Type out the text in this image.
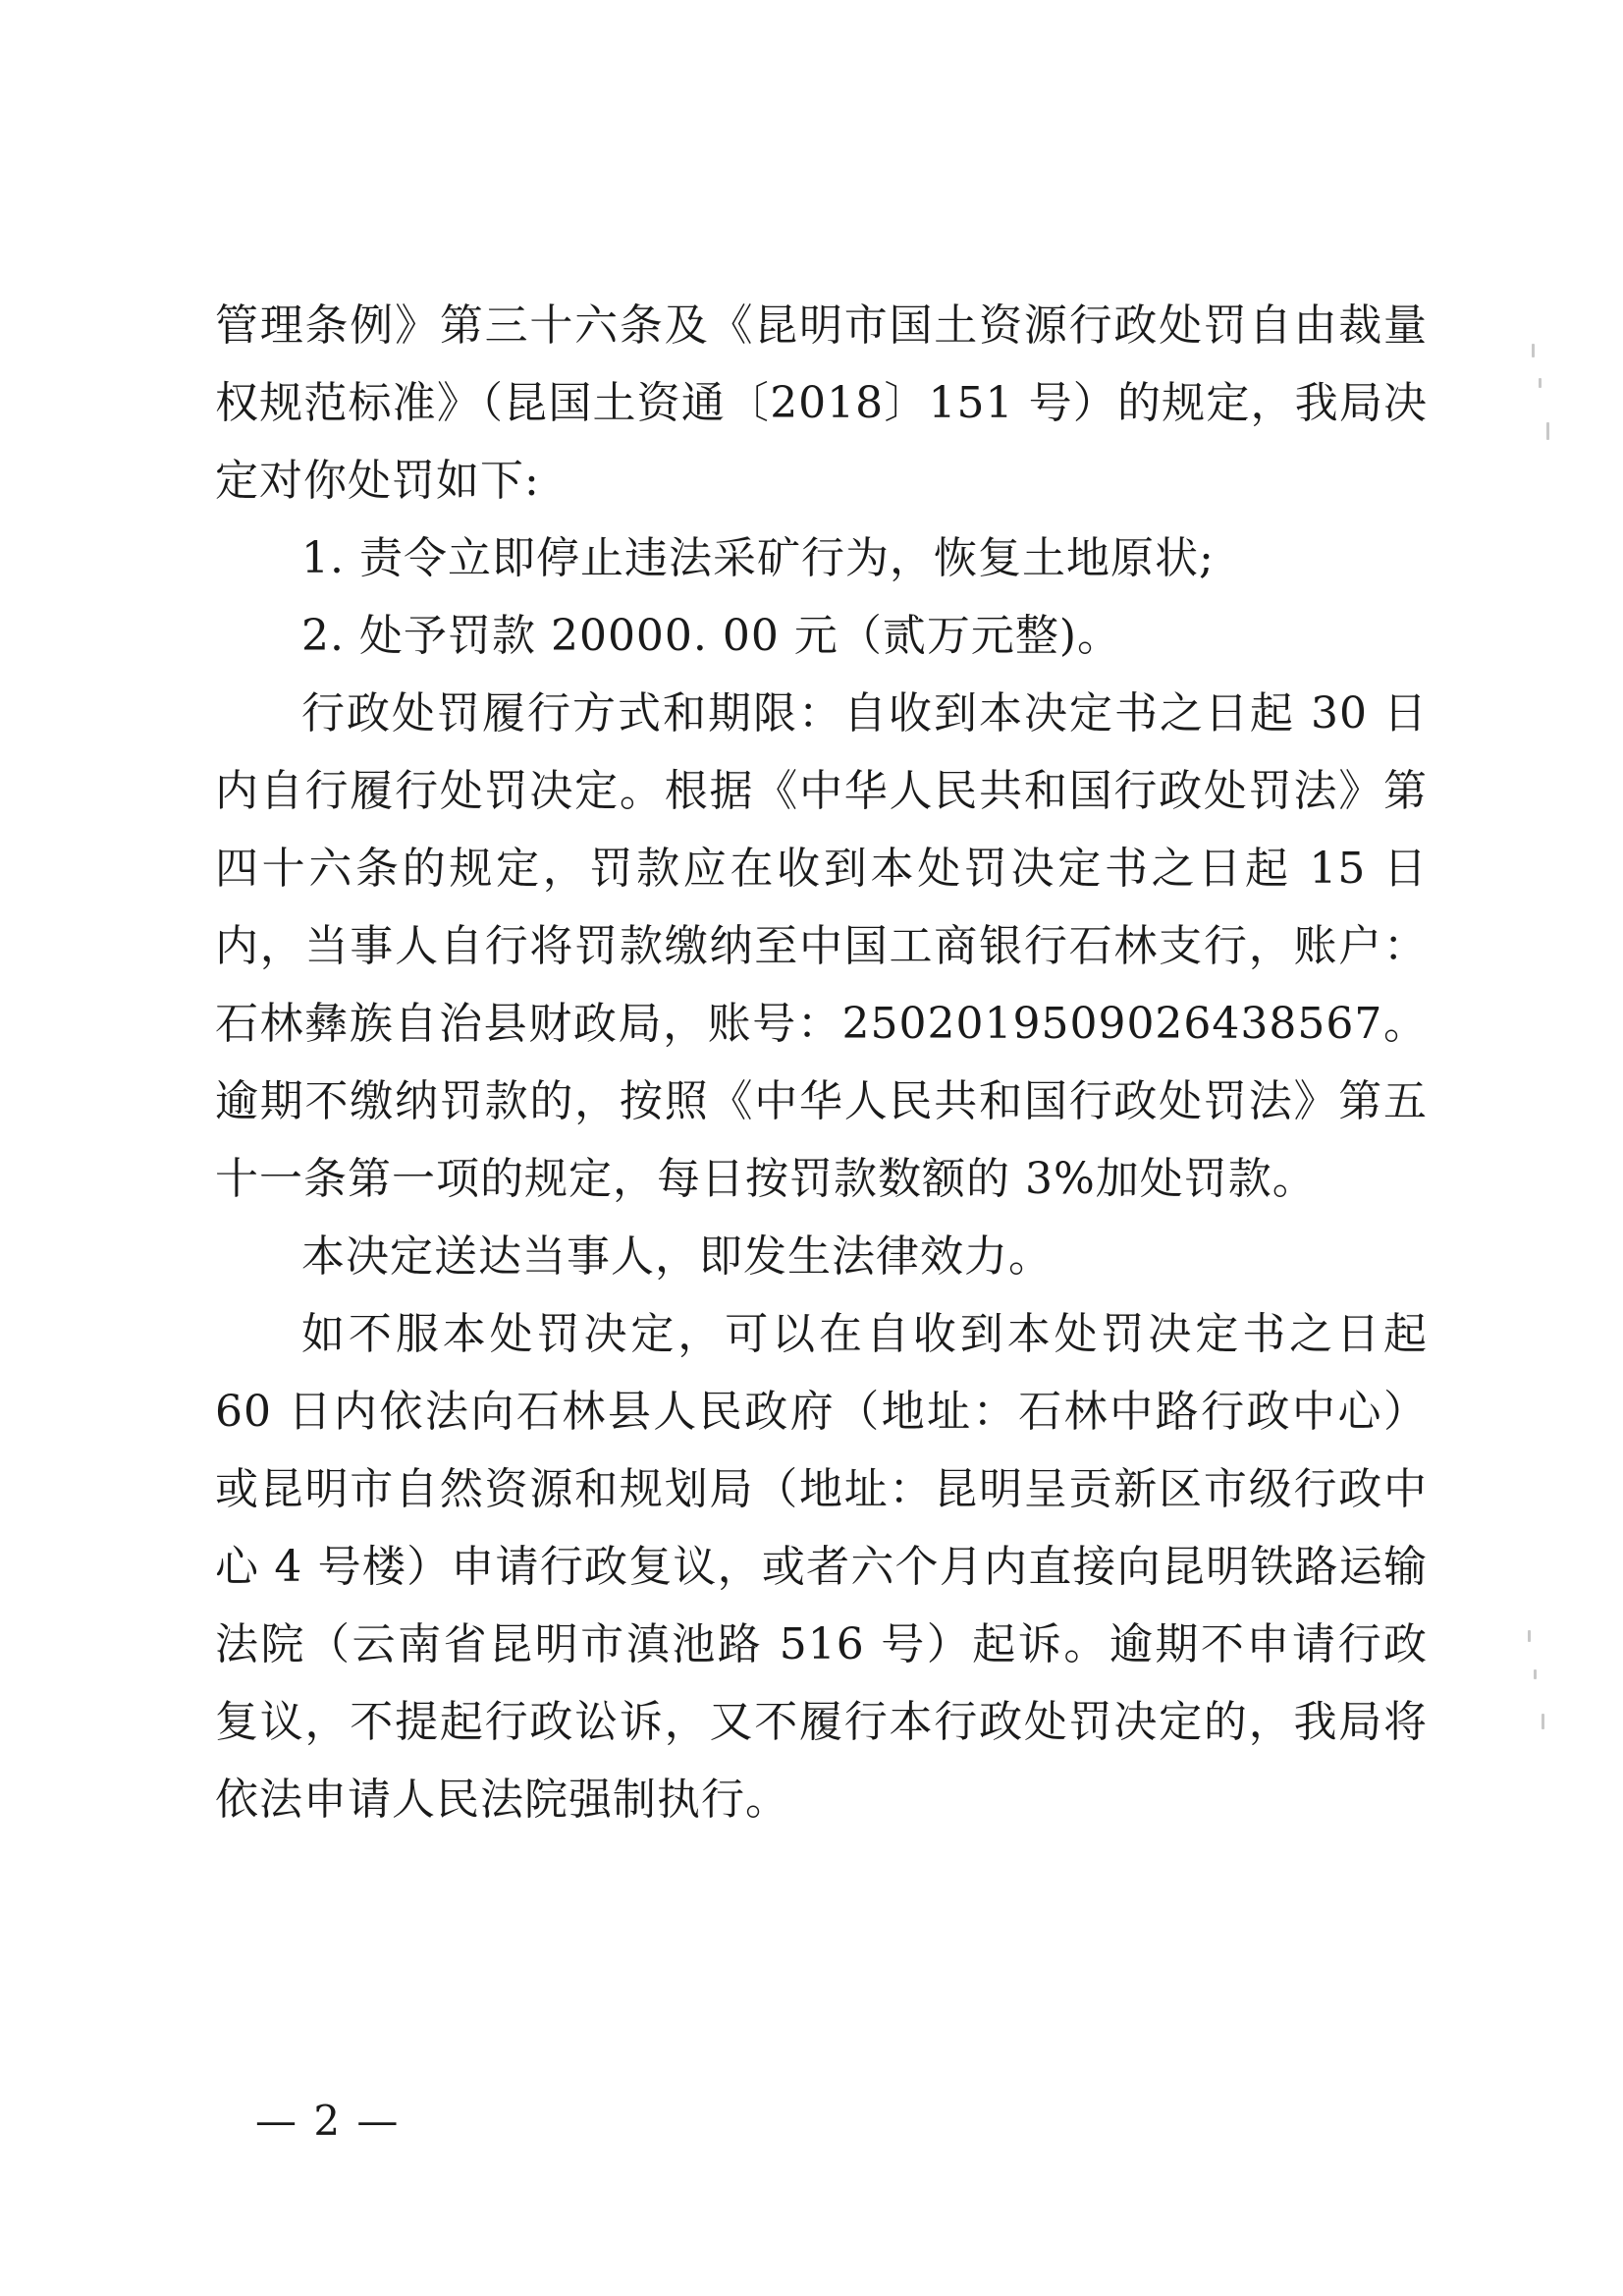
管理条例》第三十六条及《昆明市国土资源行政处罚自由裁量权规范标准》（昆国土资通〔2018〕151 号）的规定，我局决定对你处罚如下:

1. 责令立即停止违法采矿行为，恢复土地原状;

2. 处予罚款 20000. 00 元（贰万元整)。

行政处罚履行方式和期限：自收到本决定书之日起 30 日内自行履行处罚决定。根据《中华人民共和国行政处罚法》第四十六条的规定，罚款应在收到本处罚决定书之日起 15 日内，当事人自行将罚款缴纳至中国工商银行石林支行，账户：石林彝族自治县财政局，账号：2502019509026438567。逾期不缴纳罚款的，按照《中华人民共和国行政处罚法》第五十一条第一项的规定，每日按罚款数额的 3%加处罚款。

本决定送达当事人，即发生法律效力。

如不服本处罚决定，可以在自收到本处罚决定书之日起 60 日内依法向石林县人民政府（地址：石林中路行政中心）或昆明市自然资源和规划局（地址：昆明呈贡新区市级行政中心 4 号楼）申请行政复议，或者六个月内直接向昆明铁路运输法院（云南省昆明市滇池路 516 号）起诉。逾期不申请行政复议，不提起行政讼诉，又不履行本行政处罚决定的，我局将依法申请人民法院强制执行。

— 2 —
